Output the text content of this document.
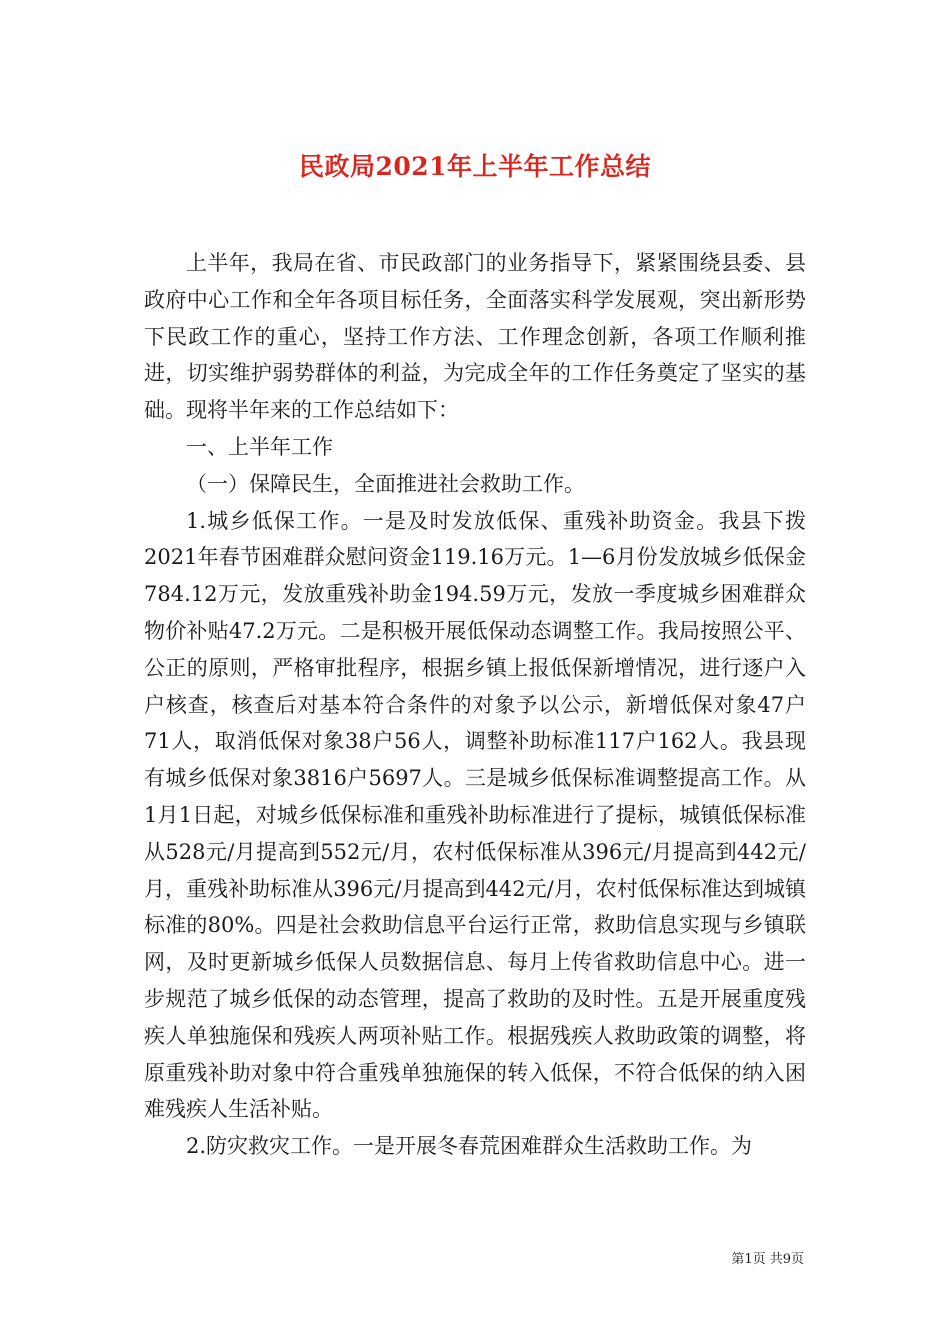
民政局2021年上半年工作总结

上半年，我局在省、市民政部门的业务指导下，紧紧围绕县委、县政府中心工作和全年各项目标任务，全面落实科学发展观，突出新形势下民政工作的重心，坚持工作方法、工作理念创新，各项工作顺利推进，切实维护弱势群体的利益，为完成全年的工作任务奠定了坚实的基础。现将半年来的工作总结如下：

一、上半年工作

（一）保障民生，全面推进社会救助工作。

1.城乡低保工作。一是及时发放低保、重残补助资金。我县下拨2021年春节困难群众慰问资金119.16万元。1—6月份发放城乡低保金784.12万元，发放重残补助金194.59万元，发放一季度城乡困难群众物价补贴47.2万元。二是积极开展低保动态调整工作。我局按照公平、公正的原则，严格审批程序，根据乡镇上报低保新增情况，进行逐户入户核查，核查后对基本符合条件的对象予以公示，新增低保对象47户71人，取消低保对象38户56人，调整补助标准117户162人。我县现有城乡低保对象3816户5697人。三是城乡低保标准调整提高工作。从1月1日起，对城乡低保标准和重残补助标准进行了提标，城镇低保标准从528元/月提高到552元/月，农村低保标准从396元/月提高到442元/月，重残补助标准从396元/月提高到442元/月，农村低保标准达到城镇标准的80%。四是社会救助信息平台运行正常，救助信息实现与乡镇联网，及时更新城乡低保人员数据信息、每月上传省救助信息中心。进一步规范了城乡低保的动态管理，提高了救助的及时性。五是开展重度残疾人单独施保和残疾人两项补贴工作。根据残疾人救助政策的调整，将原重残补助对象中符合重残单独施保的转入低保，不符合低保的纳入困难残疾人生活补贴。

2.防灾救灾工作。一是开展冬春荒困难群众生活救助工作。为

第1页 共9页
